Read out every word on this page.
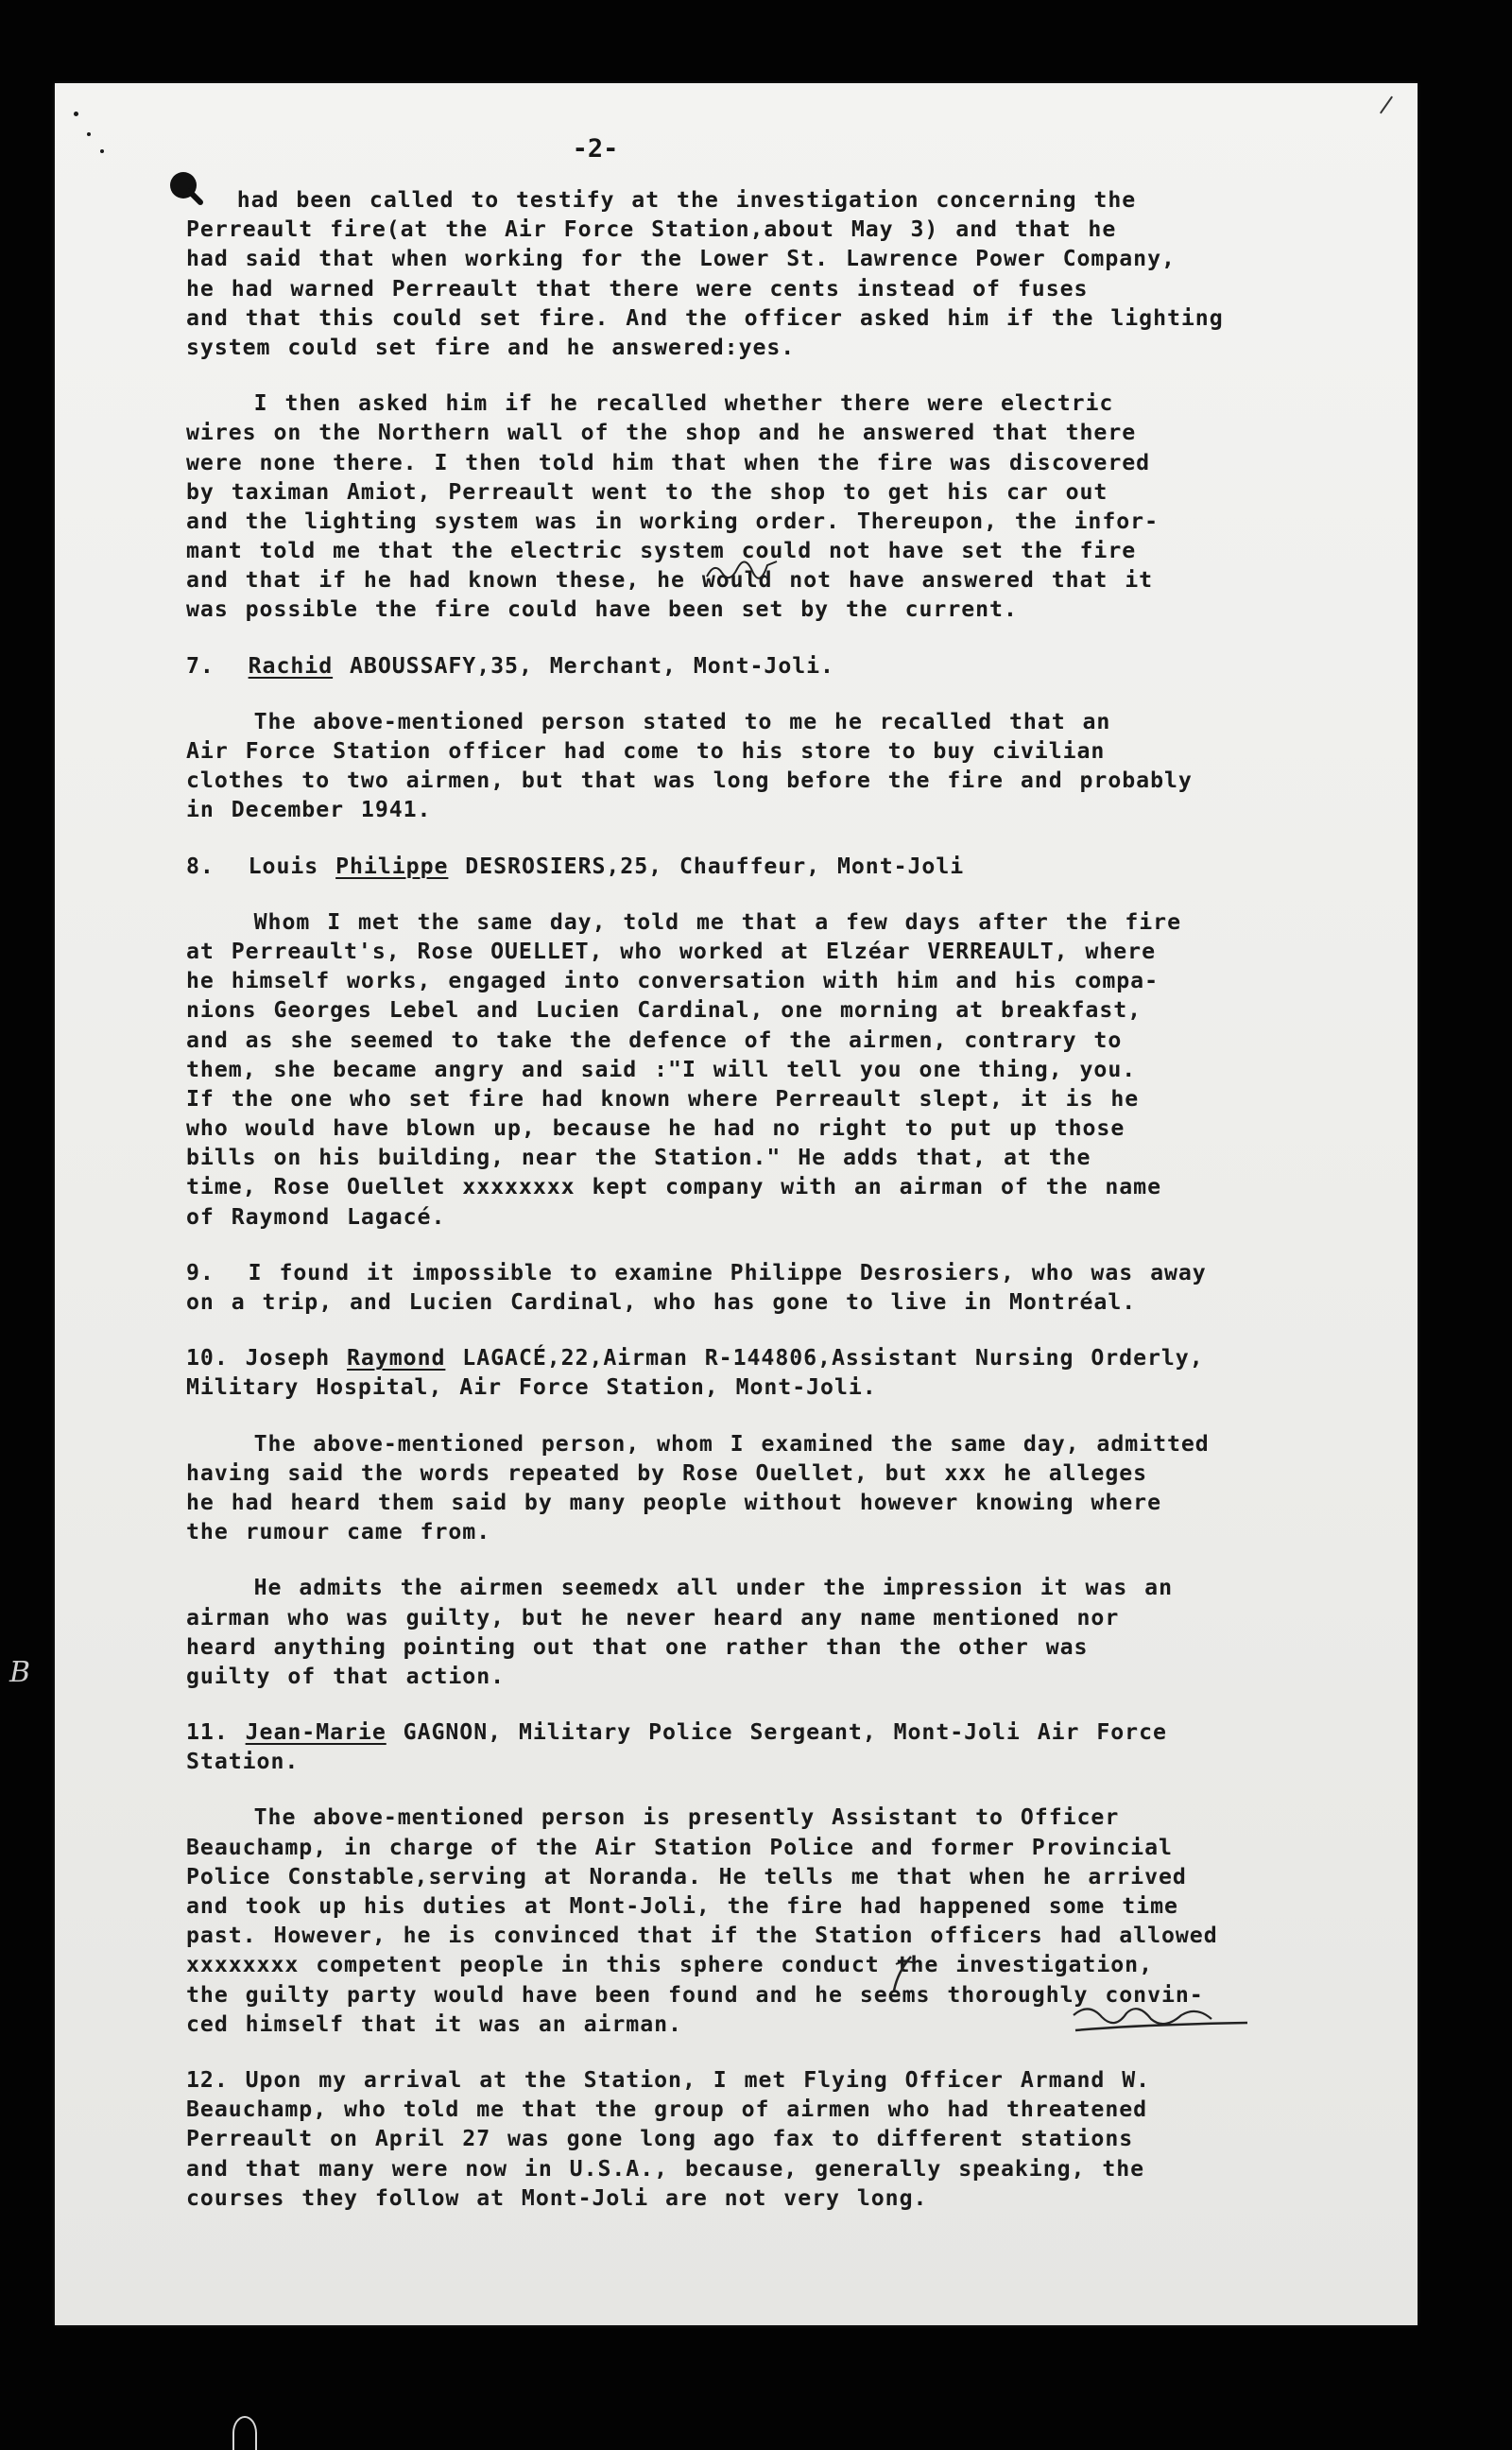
-2-
had been called to testify at the investigation concerning the
Perreault fire(at the Air Force Station,about May 3) and that he
had said that when working for the Lower St. Lawrence Power Company,
he had warned Perreault that there were cents instead of fuses
and that this could set fire. And the officer asked him if the lighting
system could set fire and he answered:yes.
I then asked him if he recalled whether there were electric
wires on the Northern wall of the shop and he answered that there
were none there. I then told him that when the fire was discovered
by taximan Amiot, Perreault went to the shop to get his car out
and the lighting system was in working order. Thereupon, the infor-
mant told me that the electric system could not have set the fire
and that if he had known these, he would not have answered that it
was possible the fire could have been set by the current.
7.  Rachid ABOUSSAFY,35, Merchant, Mont-Joli.
The above-mentioned person stated to me he recalled that an
Air Force Station officer had come to his store to buy civilian
clothes to two airmen, but that was long before the fire and probably
in December 1941.
8.  Louis Philippe DESROSIERS,25, Chauffeur, Mont-Joli
Whom I met the same day, told me that a few days after the fire
at Perreault's, Rose OUELLET, who worked at Elzéar VERREAULT, where
he himself works, engaged into conversation with him and his compa-
nions Georges Lebel and Lucien Cardinal, one morning at breakfast,
and as she seemed to take the defence of the airmen, contrary to
them, she became angry and said :"I will tell you one thing, you.
If the one who set fire had known where Perreault slept, it is he
who would have blown up, because he had no right to put up those
bills on his building, near the Station." He adds that, at the
time, Rose Ouellet xxxxxxxx kept company with an airman of the name
of Raymond Lagacé.
9.  I found it impossible to examine Philippe Desrosiers, who was away
on a trip, and Lucien Cardinal, who has gone to live in Montréal.
10. Joseph Raymond LAGACÉ,22,Airman R-144806,Assistant Nursing Orderly,
Military Hospital, Air Force Station, Mont-Joli.
The above-mentioned person, whom I examined the same day, admitted
having said the words repeated by Rose Ouellet, but xxx he alleges
he had heard them said by many people without however knowing where
the rumour came from.
He admits the airmen seemedx all under the impression it was an
airman who was guilty, but he never heard any name mentioned nor
heard anything pointing out that one rather than the other was
guilty of that action.
11. Jean-Marie GAGNON, Military Police Sergeant, Mont-Joli Air Force
Station.
The above-mentioned person is presently Assistant to Officer
Beauchamp, in charge of the Air Station Police and former Provincial
Police Constable,serving at Noranda. He tells me that when he arrived
and took up his duties at Mont-Joli, the fire had happened some time
past. However, he is convinced that if the Station officers had allowed
xxxxxxxx competent people in this sphere conduct the investigation,
the guilty party would have been found and he seems thoroughly convin-
ced himself that it was an airman.
12. Upon my arrival at the Station, I met Flying Officer Armand W.
Beauchamp, who told me that the group of airmen who had threatened
Perreault on April 27 was gone long ago fax to different stations
and that many were now in U.S.A., because, generally speaking, the
courses they follow at Mont-Joli are not very long.
B
